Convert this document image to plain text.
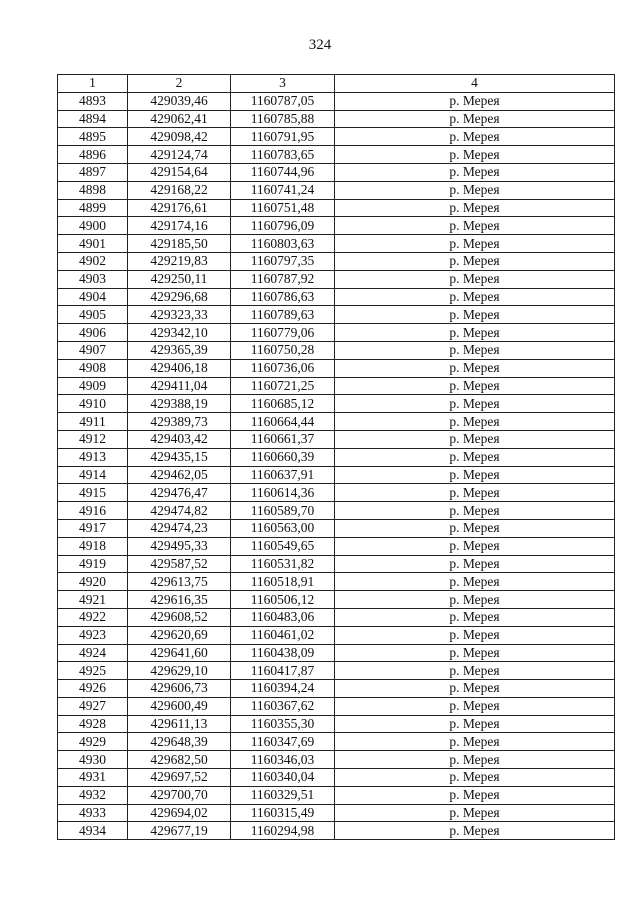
324
1	2	3	4
4893	429039,46	1160787,05	р. Мерея
4894	429062,41	1160785,88	р. Мерея
4895	429098,42	1160791,95	р. Мерея
4896	429124,74	1160783,65	р. Мерея
4897	429154,64	1160744,96	р. Мерея
4898	429168,22	1160741,24	р. Мерея
4899	429176,61	1160751,48	р. Мерея
4900	429174,16	1160796,09	р. Мерея
4901	429185,50	1160803,63	р. Мерея
4902	429219,83	1160797,35	р. Мерея
4903	429250,11	1160787,92	р. Мерея
4904	429296,68	1160786,63	р. Мерея
4905	429323,33	1160789,63	р. Мерея
4906	429342,10	1160779,06	р. Мерея
4907	429365,39	1160750,28	р. Мерея
4908	429406,18	1160736,06	р. Мерея
4909	429411,04	1160721,25	р. Мерея
4910	429388,19	1160685,12	р. Мерея
4911	429389,73	1160664,44	р. Мерея
4912	429403,42	1160661,37	р. Мерея
4913	429435,15	1160660,39	р. Мерея
4914	429462,05	1160637,91	р. Мерея
4915	429476,47	1160614,36	р. Мерея
4916	429474,82	1160589,70	р. Мерея
4917	429474,23	1160563,00	р. Мерея
4918	429495,33	1160549,65	р. Мерея
4919	429587,52	1160531,82	р. Мерея
4920	429613,75	1160518,91	р. Мерея
4921	429616,35	1160506,12	р. Мерея
4922	429608,52	1160483,06	р. Мерея
4923	429620,69	1160461,02	р. Мерея
4924	429641,60	1160438,09	р. Мерея
4925	429629,10	1160417,87	р. Мерея
4926	429606,73	1160394,24	р. Мерея
4927	429600,49	1160367,62	р. Мерея
4928	429611,13	1160355,30	р. Мерея
4929	429648,39	1160347,69	р. Мерея
4930	429682,50	1160346,03	р. Мерея
4931	429697,52	1160340,04	р. Мерея
4932	429700,70	1160329,51	р. Мерея
4933	429694,02	1160315,49	р. Мерея
4934	429677,19	1160294,98	р. Мерея
